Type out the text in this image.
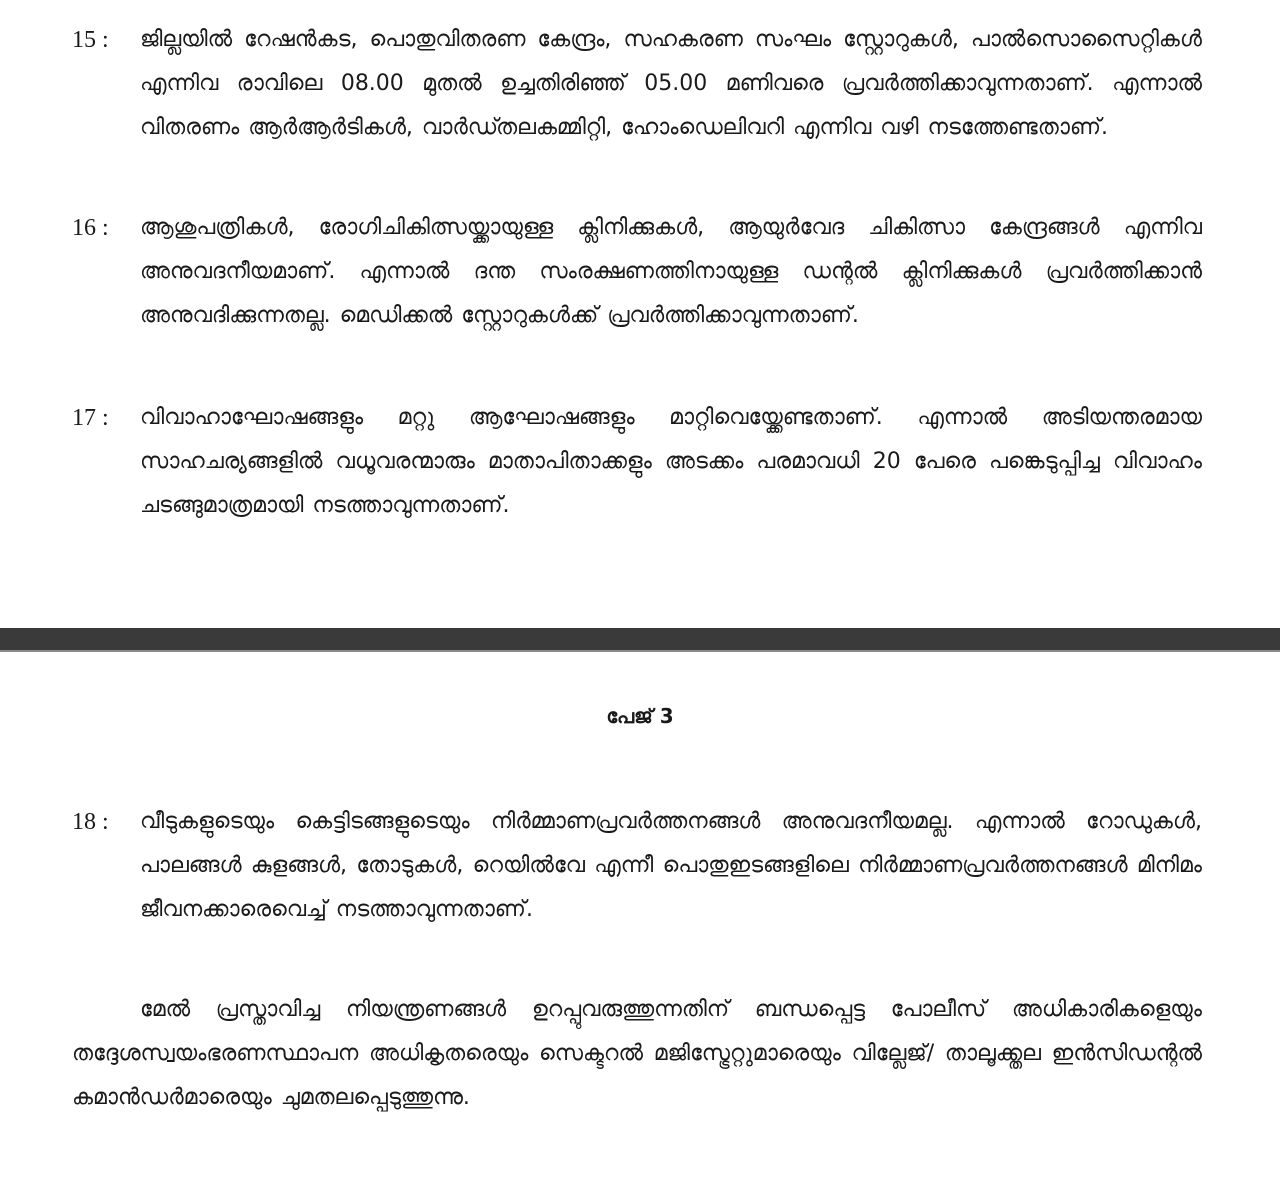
15 :	ജില്ലയിൽ റേഷൻകട, പൊതുവിതരണ കേന്ദ്രം, സഹകരണ സംഘം സ്റ്റോറുകൾ, പാൽസൊസൈറ്റികൾ എന്നിവ രാവിലെ 08.00 മുതൽ ഉച്ചതിരിഞ്ഞ് 05.00 മണിവരെ പ്രവർത്തിക്കാവുന്നതാണ്. എന്നാൽ വിതരണം ആർആർടികൾ, വാർഡ്തലകമ്മിറ്റി, ഹോംഡെലിവറി എന്നിവ വഴി നടത്തേണ്ടതാണ്.
16 :	ആശുപത്രികൾ, രോഗിചികിത്സയ്ക്കായുള്ള ക്ലിനിക്കുകൾ, ആയുർവേദ ചികിത്സാ കേന്ദ്രങ്ങൾ എന്നിവ അനുവദനീയമാണ്. എന്നാൽ ദന്ത സംരക്ഷണത്തിനായുള്ള ഡന്റൽ ക്ലിനിക്കുകൾ പ്രവർത്തിക്കാൻ അനുവദിക്കുന്നതല്ല. മെഡിക്കൽ സ്റ്റോറുകൾക്ക് പ്രവർത്തിക്കാവുന്നതാണ്.
17 :	വിവാഹാഘോഷങ്ങളും മറ്റു ആഘോഷങ്ങളും മാറ്റിവെയ്ക്കേണ്ടതാണ്. എന്നാൽ അടിയന്തരമായ സാഹചര്യങ്ങളിൽ വധൂവരന്മാരും മാതാപിതാക്കളും അടക്കം പരമാവധി 20 പേരെ പങ്കെടുപ്പിച്ച വിവാഹം ചടങ്ങുമാത്രമായി നടത്താവുന്നതാണ്.
പേജ് 3
18 :	വീടുകളുടെയും കെട്ടിടങ്ങളുടെയും നിർമ്മാണപ്രവർത്തനങ്ങൾ അനുവദനീയമല്ല. എന്നാൽ റോഡുകൾ, പാലങ്ങൾ കുളങ്ങൾ, തോടുകൾ, റെയിൽവേ എന്നീ പൊതുഇടങ്ങളിലെ നിർമ്മാണപ്രവർത്തനങ്ങൾ മിനിമം ജീവനക്കാരെവെച്ച് നടത്താവുന്നതാണ്.
മേൽ പ്രസ്താവിച്ച നിയന്ത്രണങ്ങൾ ഉറപ്പുവരുത്തുന്നതിന് ബന്ധപ്പെട്ട പോലീസ് അധികാരികളെയും തദ്ദേശസ്വയംഭരണസ്ഥാപന അധികൃതരെയും സെക്ടറൽ മജിസ്ട്രേറ്റുമാരെയും വില്ലേജ്/ താലൂക്ക്തല ഇൻസിഡന്റൽ കമാൻഡർമാരെയും ചുമതലപ്പെടുത്തുന്നു.
